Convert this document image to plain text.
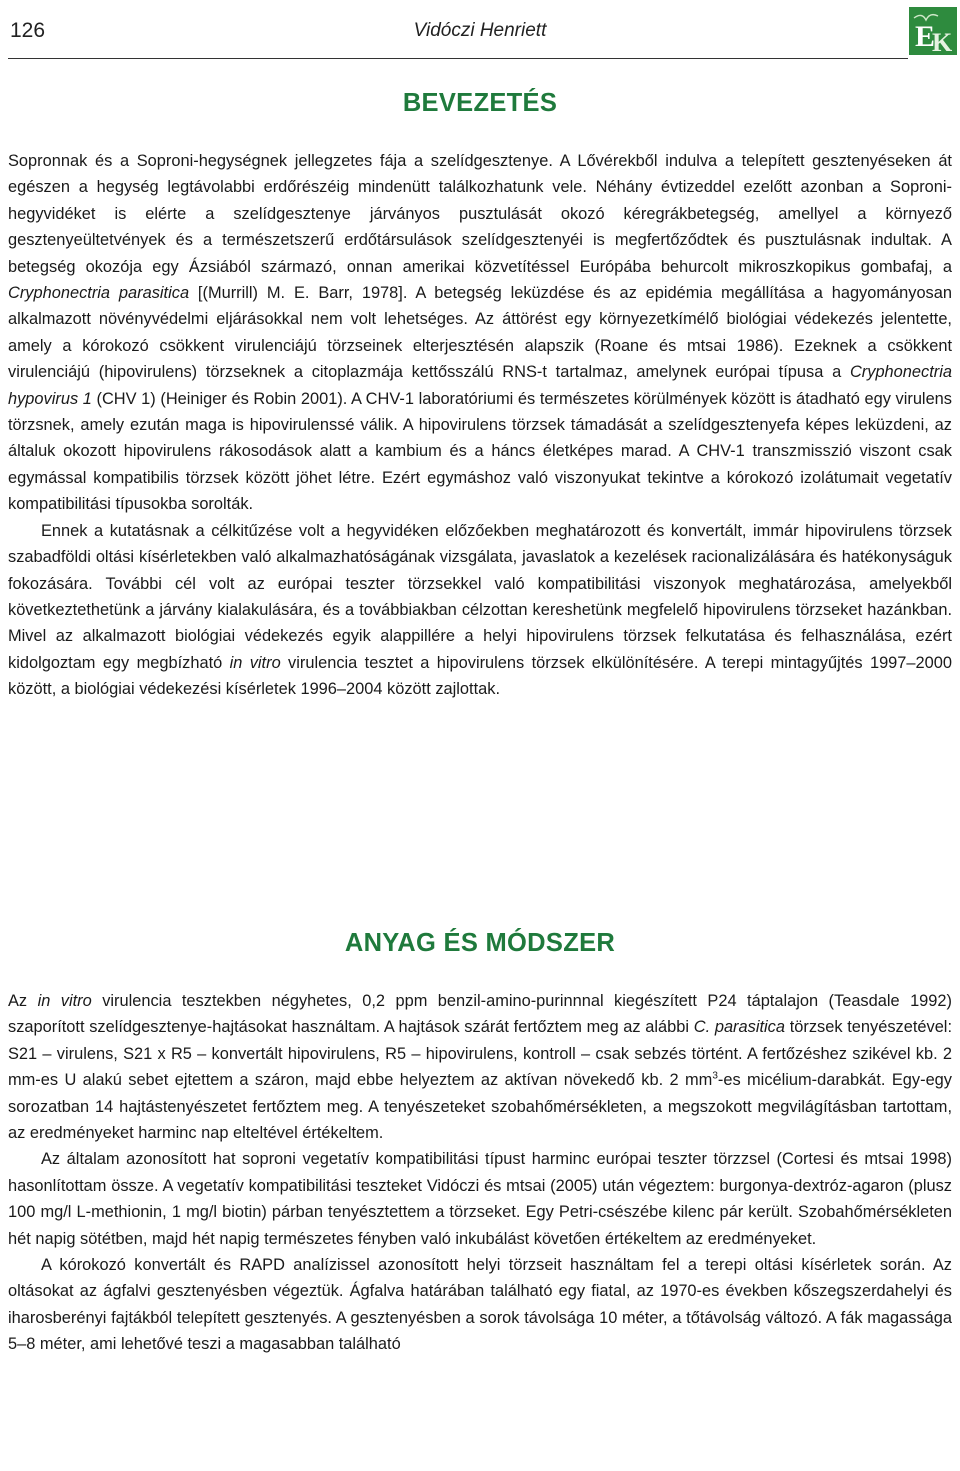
126	Vidóczi Henriett	E
K
BEVEZETÉS

Sopronnak és a Soproni-hegységnek jellegzetes fája a szelídgesztenye. A Lővérekből indulva a telepített gesztenyéseken át egészen a hegység legtávolabbi erdőrészéig mindenütt találkozhatunk vele. Néhány évtizeddel ezelőtt azonban a Soproni-hegyvidéket is elérte a szelídgesztenye járványos pusztulását okozó kéregrákbetegség, amellyel a környező gesztenyeültetvények és a természetszerű erdőtársulások szelídgesztenyéi is megfertőződtek és pusztulásnak indultak. A betegség okozója egy Ázsiából származó, onnan amerikai közvetítéssel Európába behurcolt mikroszkopikus gombafaj, a Cryphonectria parasitica [(Murrill) M. E. Barr, 1978]. A betegség leküzdése és az epidémia megállítása a hagyományosan alkalmazott növényvédelmi eljárásokkal nem volt lehetséges. Az áttörést egy környezetkímélő biológiai védekezés jelentette, amely a kórokozó csökkent virulenciájú törzseinek elterjesztésén alapszik (Roane és mtsai 1986). Ezeknek a csökkent virulenciájú (hipovirulens) törzseknek a citoplazmája kettősszálú RNS-t tartalmaz, amelynek európai típusa a Cryphonectria hypovirus 1 (CHV 1) (Heiniger és Robin 2001). A CHV-1 laboratóriumi és természetes körülmények között is átadható egy virulens törzsnek, amely ezután maga is hipovirulenssé válik. A hipovirulens törzsek támadását a szelídgesztenyefa képes leküzdeni, az általuk okozott hipovirulens rákosodások alatt a kambium és a háncs életképes marad. A CHV-1 transzmisszió viszont csak egymással kompatibilis törzsek között jöhet létre. Ezért egymáshoz való viszonyukat tekintve a kórokozó izolátumait vegetatív kompatibilitási típusokba sorolták.

Ennek a kutatásnak a célkitűzése volt a hegyvidéken előzőekben meghatározott és konvertált, immár hipovirulens törzsek szabadföldi oltási kísérletekben való alkalmazhatóságának vizsgálata, javaslatok a kezelések racionalizálására és hatékonyságuk fokozására. További cél volt az európai teszter törzsekkel való kompatibilitási viszonyok meghatározása, amelyekből következtethetünk a járvány kialakulására, és a továbbiakban célzottan kereshetünk megfelelő hipovirulens törzseket hazánkban. Mivel az alkalmazott biológiai védekezés egyik alappillére a helyi hipovirulens törzsek felkutatása és felhasználása, ezért kidolgoztam egy megbízható in vitro virulencia tesztet a hipovirulens törzsek elkülönítésére. A terepi mintagyűjtés 1997–2000 között, a biológiai védekezési kísérletek 1996–2004 között zajlottak.

ANYAG ÉS MÓDSZER

Az in vitro virulencia tesztekben négyhetes, 0,2 ppm benzil-amino-purinnnal kiegészített P24 táptalajon (Teasdale 1992) szaporított szelídgesztenye-hajtásokat használtam. A hajtások szárát fertőztem meg az alábbi C. parasitica törzsek tenyészetével: S21 – virulens, S21 x R5 – konvertált hipovirulens, R5 – hipovirulens, kontroll – csak sebzés történt. A fertőzéshez szikével kb. 2 mm-es U alakú sebet ejtettem a száron, majd ebbe helyeztem az aktívan növekedő kb. 2 $mm^3-es$ micélium-darabkát. Egy-egy sorozatban 14 hajtástenyészetet fertőztem meg. A tenyészeteket szobahőmérsékleten, a megszokott megvilágításban tartottam, az eredményeket harminc nap elteltével értékeltem.

Az általam azonosított hat soproni vegetatív kompatibilitási típust harminc európai teszter törzzsel (Cortesi és mtsai 1998) hasonlítottam össze. A vegetatív kompatibilitási teszteket Vidóczi és mtsai (2005) után végeztem: burgonya-dextróz-agaron (plusz 100 mg/l L-methionin, 1 mg/l biotin) párban tenyésztettem a törzseket. Egy Petri-csészébe kilenc pár került. Szobahőmérsékleten hét napig sötétben, majd hét napig természetes fényben való inkubálást követően értékeltem az eredményeket.

A kórokozó konvertált és RAPD analízissel azonosított helyi törzseit használtam fel a terepi oltási kísérletek során. Az oltásokat az ágfalvi gesztenyésben végeztük. Ágfalva határában található egy fiatal, az 1970-es években kőszegszerdahelyi és iharosberényi fajtákból telepített gesztenyés. A gesztenyésben a sorok távolsága 10 méter, a tőtávolság változó. A fák magassága 5–8 méter, ami lehetővé teszi a magasabban található
